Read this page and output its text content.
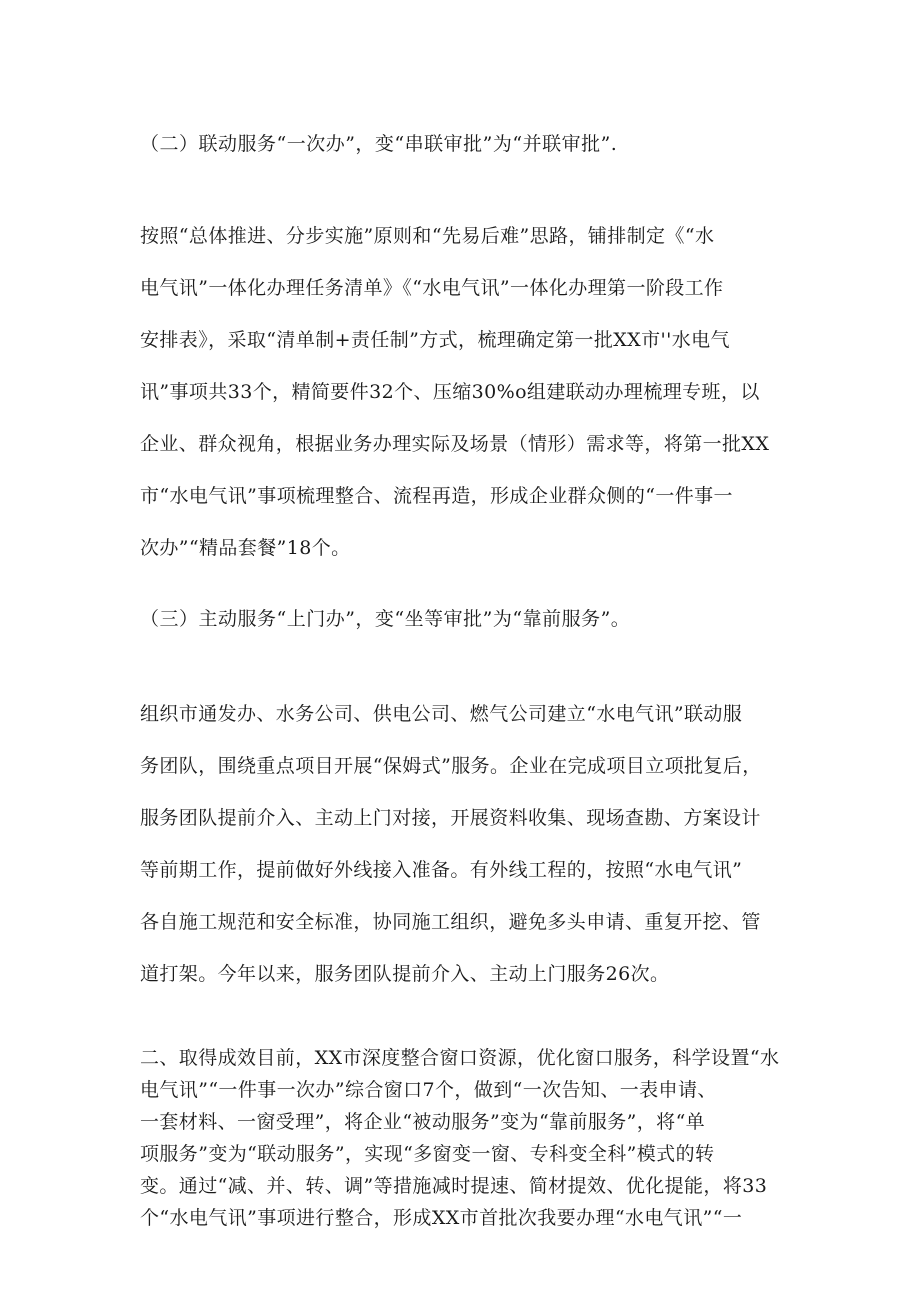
（二）联动服务“一次办”，变“串联审批”为“并联审批”.
按照“总体推进、分步实施”原则和“先易后难”思路，铺排制定《“水
电气讯”一体化办理任务清单》《“水电气讯”一体化办理第一阶段工作
安排表》，采取“清单制+责任制”方式，梳理确定第一批XX市''水电气
讯”事项共33个，精简要件32个、压缩30%o组建联动办理梳理专班，以
企业、群众视角，根据业务办理实际及场景（情形）需求等，将第一批XX
市“水电气讯”事项梳理整合、流程再造，形成企业群众侧的“一件事一
次办”“精品套餐”18个。
（三）主动服务“上门办”，变“坐等审批”为“靠前服务”。
组织市通发办、水务公司、供电公司、燃气公司建立“水电气讯”联动服
务团队，围绕重点项目开展“保姆式”服务。企业在完成项目立项批复后，
服务团队提前介入、主动上门对接，开展资料收集、现场查勘、方案设计
等前期工作，提前做好外线接入准备。有外线工程的，按照“水电气讯”
各自施工规范和安全标准，协同施工组织，避免多头申请、重复开挖、管
道打架。今年以来，服务团队提前介入、主动上门服务26次。
二、取得成效目前，XX市深度整合窗口资源，优化窗口服务，科学设置“水
电气讯”“一件事一次办”综合窗口7个，做到“一次告知、一表申请、
一套材料、一窗受理”，将企业“被动服务”变为“靠前服务”，将“单
项服务”变为“联动服务”，实现“多窗变一窗、专科变全科”模式的转
变。通过“减、并、转、调”等措施减时提速、简材提效、优化提能，将33
个“水电气讯”事项进行整合，形成XX市首批次我要办理“水电气讯”“一
